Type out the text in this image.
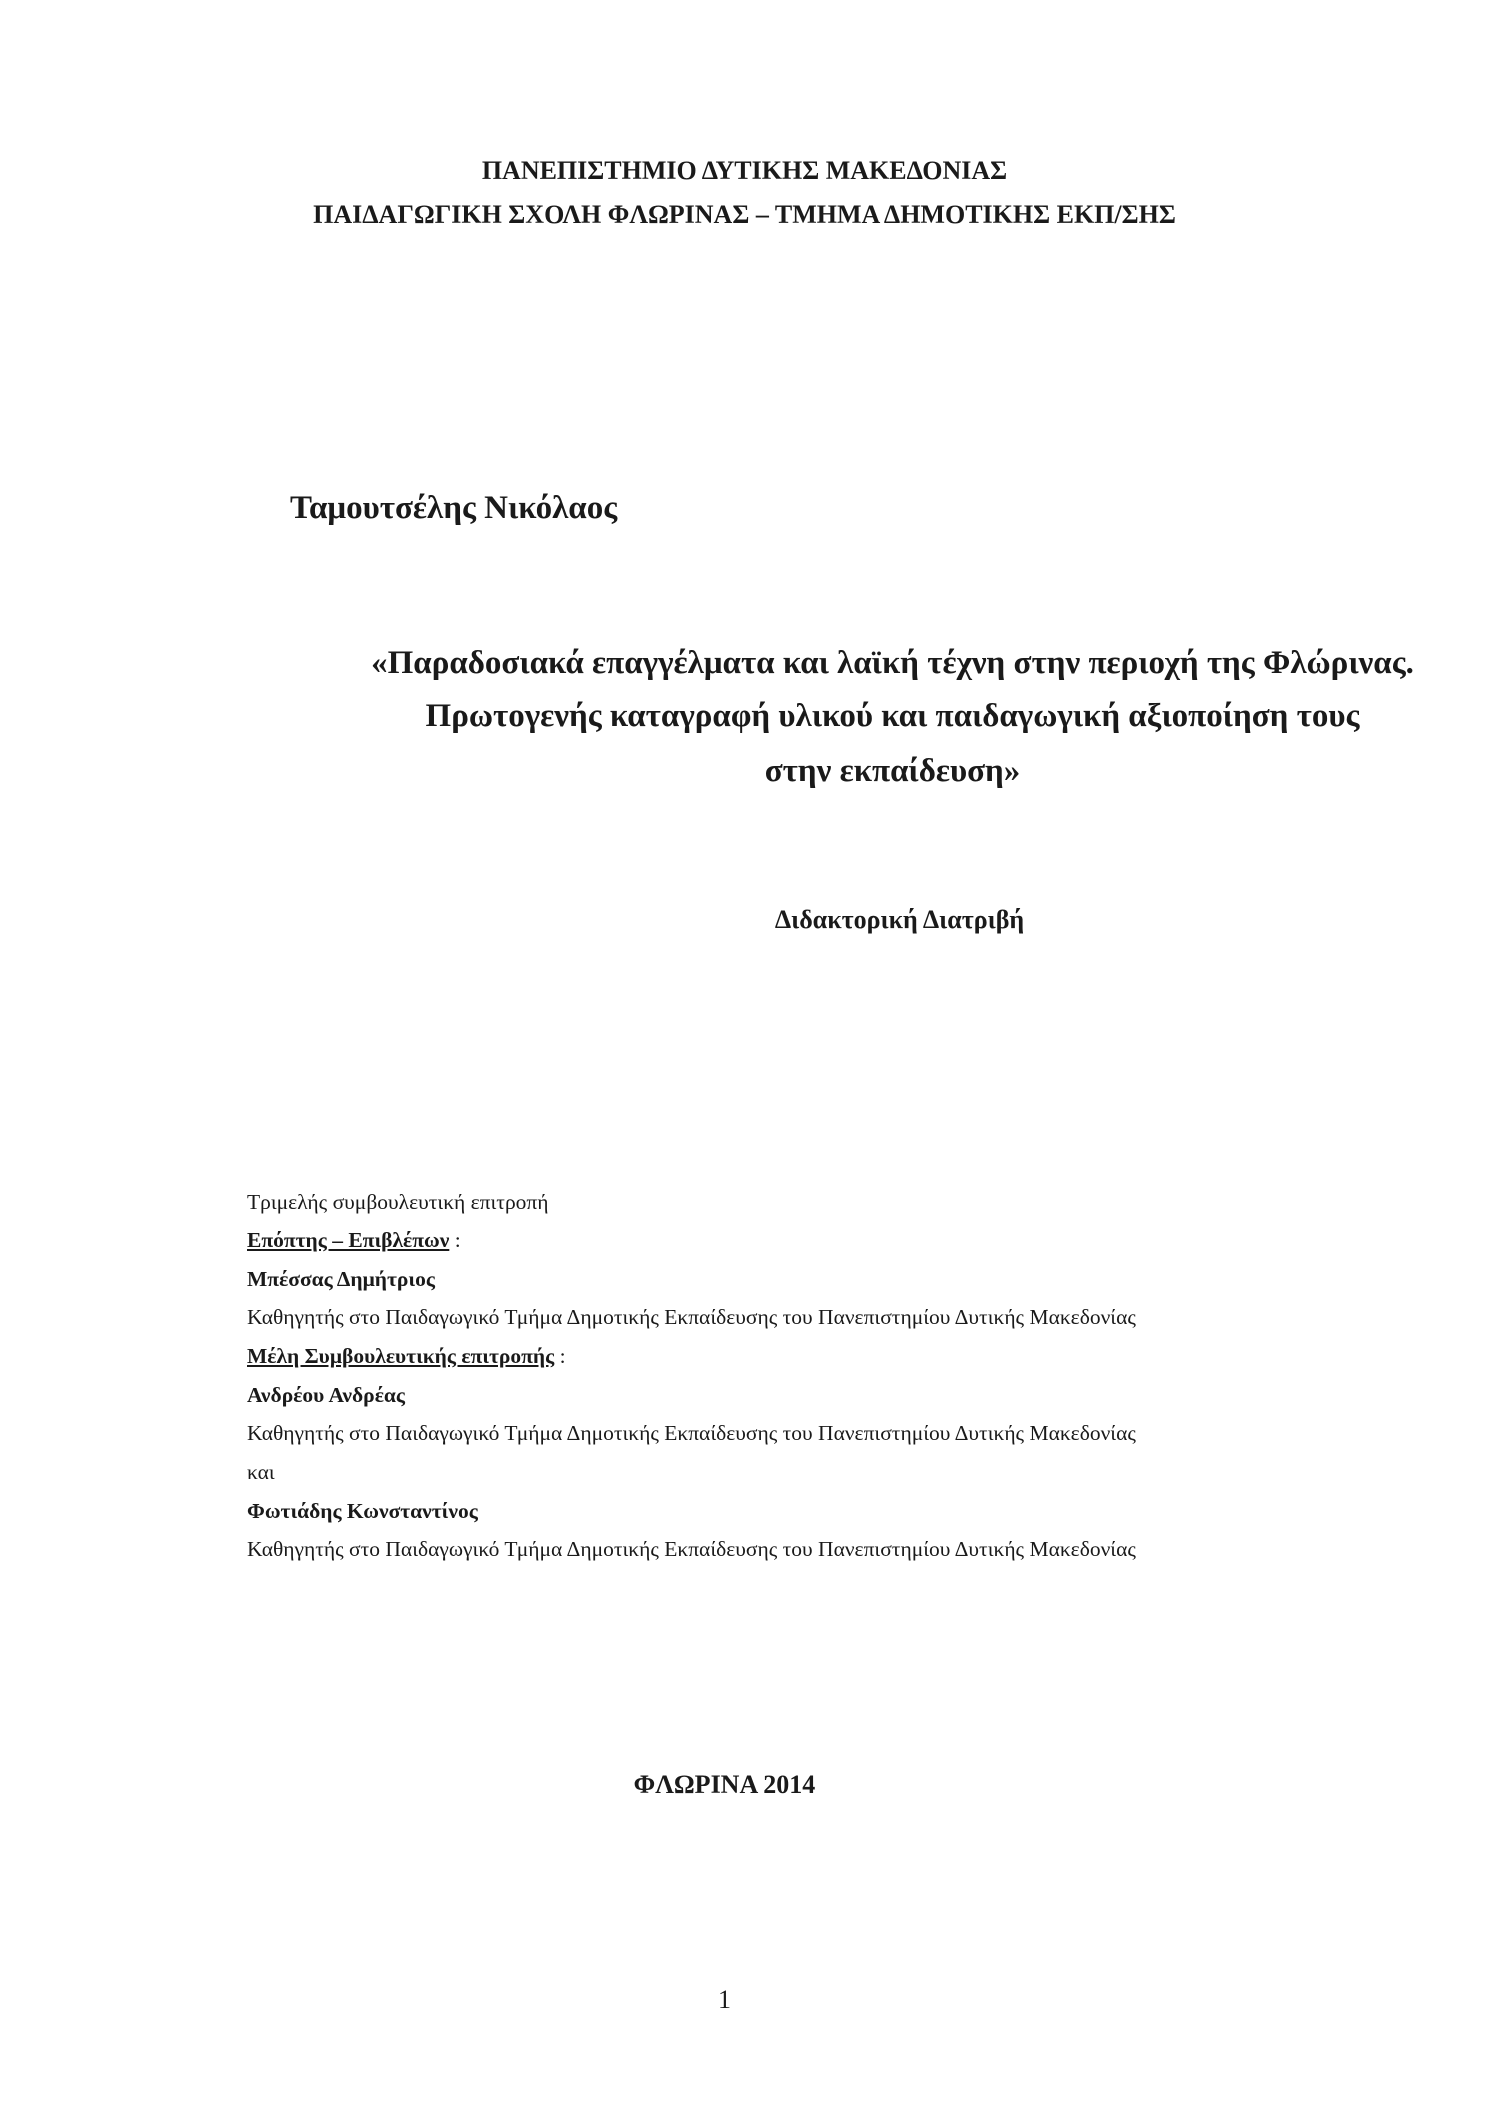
ΠΑΝΕΠΙΣΤΗΜΙΟ ΔΥΤΙΚΗΣ ΜΑΚΕΔΟΝΙΑΣ
ΠΑΙΔΑΓΩΓΙΚΗ ΣΧΟΛΗ ΦΛΩΡΙΝΑΣ – ΤΜΗΜΑ ΔΗΜΟΤΙΚΗΣ ΕΚΠ/ΣΗΣ
Ταμουτσέλης Νικόλαος
«Παραδοσιακά επαγγέλματα και λαϊκή τέχνη στην περιοχή της Φλώρινας.
Πρωτογενής καταγραφή υλικού και παιδαγωγική αξιοποίηση τους
στην εκπαίδευση»
Διδακτορική Διατριβή
Τριμελής συμβουλευτική επιτροπή
Επόπτης – Επιβλέπων :
Μπέσσας Δημήτριος
Καθηγητής στο Παιδαγωγικό Τμήμα Δημοτικής Εκπαίδευσης του Πανεπιστημίου Δυτικής Μακεδονίας
Μέλη Συμβουλευτικής επιτροπής :
Ανδρέου Ανδρέας
Καθηγητής στο Παιδαγωγικό Τμήμα Δημοτικής Εκπαίδευσης του Πανεπιστημίου Δυτικής Μακεδονίας
και
Φωτιάδης Κωνσταντίνος
Καθηγητής στο Παιδαγωγικό Τμήμα Δημοτικής Εκπαίδευσης του Πανεπιστημίου Δυτικής Μακεδονίας
ΦΛΩΡΙΝΑ 2014
1
